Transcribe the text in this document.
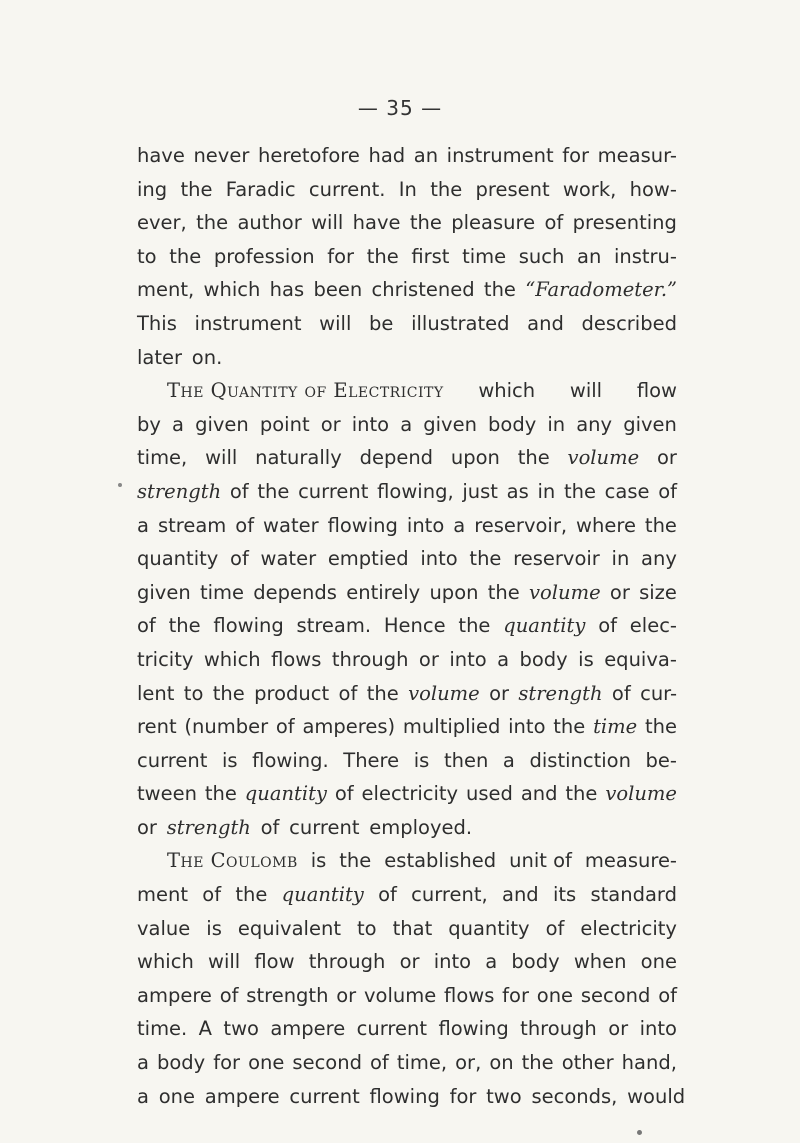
— 35 —
have never heretofore had an instrument for measur-
ing the Faradic current. In the present work, how-
ever, the author will have the pleasure of presenting
to the profession for the first time such an instru-
ment, which has been christened the “Faradometer.”
This instrument will be illustrated and described
later on.
The Quantity of Electricity which will flow
by a given point or into a given body in any given
time, will naturally depend upon the volume or
strength of the current flowing, just as in the case of
a stream of water flowing into a reservoir, where the
quantity of water emptied into the reservoir in any
given time depends entirely upon the volume or size
of the flowing stream. Hence the quantity of elec-
tricity which flows through or into a body is equiva-
lent to the product of the volume or strength of cur-
rent (number of amperes) multiplied into the time the
current is flowing. There is then a distinction be-
tween the quantity of electricity used and the volume
or strength of current employed.
The Coulomb is the established unit of measure-
ment of the quantity of current, and its standard
value is equivalent to that quantity of electricity
which will flow through or into a body when one
ampere of strength or volume flows for one second of
time. A two ampere current flowing through or into
a body for one second of time, or, on the other hand,
a one ampere current flowing for two seconds, would
